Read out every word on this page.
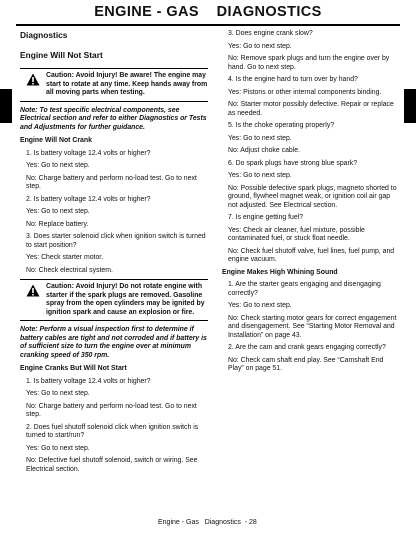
ENGINE - GAS    DIAGNOSTICS
Diagnostics
Engine Will Not Start
Caution: Avoid Injury! Be aware! The engine may start to rotate at any time. Keep hands away from all moving parts when testing.
Note: To test specific electrical components, see Electrical section and refer to either Diagnostics or Tests and Adjustments for further guidance.
Engine Will Not Crank
1. Is battery voltage 12.4 volts or higher?
Yes: Go to next step.
No: Charge battery and perform no-load test. Go to next step.
2. Is battery voltage 12.4 volts or higher?
Yes: Go to next step.
No: Replace battery.
3. Does starter solenoid click when ignition switch is turned to start position?
Yes: Check starter motor.
No: Check electrical system.
Caution: Avoid Injury! Do not rotate engine with starter if the spark plugs are removed. Gasoline spray from the open cylinders may be ignited by ignition spark and cause an explosion or fire.
Note: Perform a visual inspection first to determine if battery cables are tight and not corroded and if battery is of sufficient size to turn the engine over at minimum cranking speed of 350 rpm.
Engine Cranks But Will Not Start
1. Is battery voltage 12.4 volts or higher?
Yes: Go to next step.
No: Charge battery and perform no-load test. Go to next step.
2. Does fuel shutoff solenoid click when ignition switch is turned to start/run?
Yes: Go to next step.
No: Defective fuel shutoff solenoid, switch or wiring. See Electrical section.
3. Does engine crank slow?
Yes: Go to next step.
No: Remove spark plugs and turn the engine over by hand. Go to next step.
4. Is the engine hard to turn over by hand?
Yes: Pistons or other internal components binding.
No: Starter motor possibly defective. Repair or replace as needed.
5. Is the choke operating properly?
Yes: Go to next step.
No: Adjust choke cable.
6. Do spark plugs have strong blue spark?
Yes: Go to next step.
No: Possible defective spark plugs, magneto shorted to ground, flywheel magnet weak, or ignition coil air gap not adjusted. See Electrical section.
7. Is engine getting fuel?
Yes: Check air cleaner, fuel mixture, possible contaminated fuel, or stuck float needle.
No: Check fuel shutoff valve, fuel lines, fuel pump, and engine vacuum.
Engine Makes High Whining Sound
1. Are the starter gears engaging and disengaging correctly?
Yes: Go to next step.
No: Check starting motor gears for correct engagement and disengagement. See “Starting Motor Removal and Installation” on page 43.
2. Are the cam and crank gears engaging correctly?
No: Check cam shaft end play. See “Camshaft End Play” on page 51.
Engine - Gas   Diagnostics  - 28
